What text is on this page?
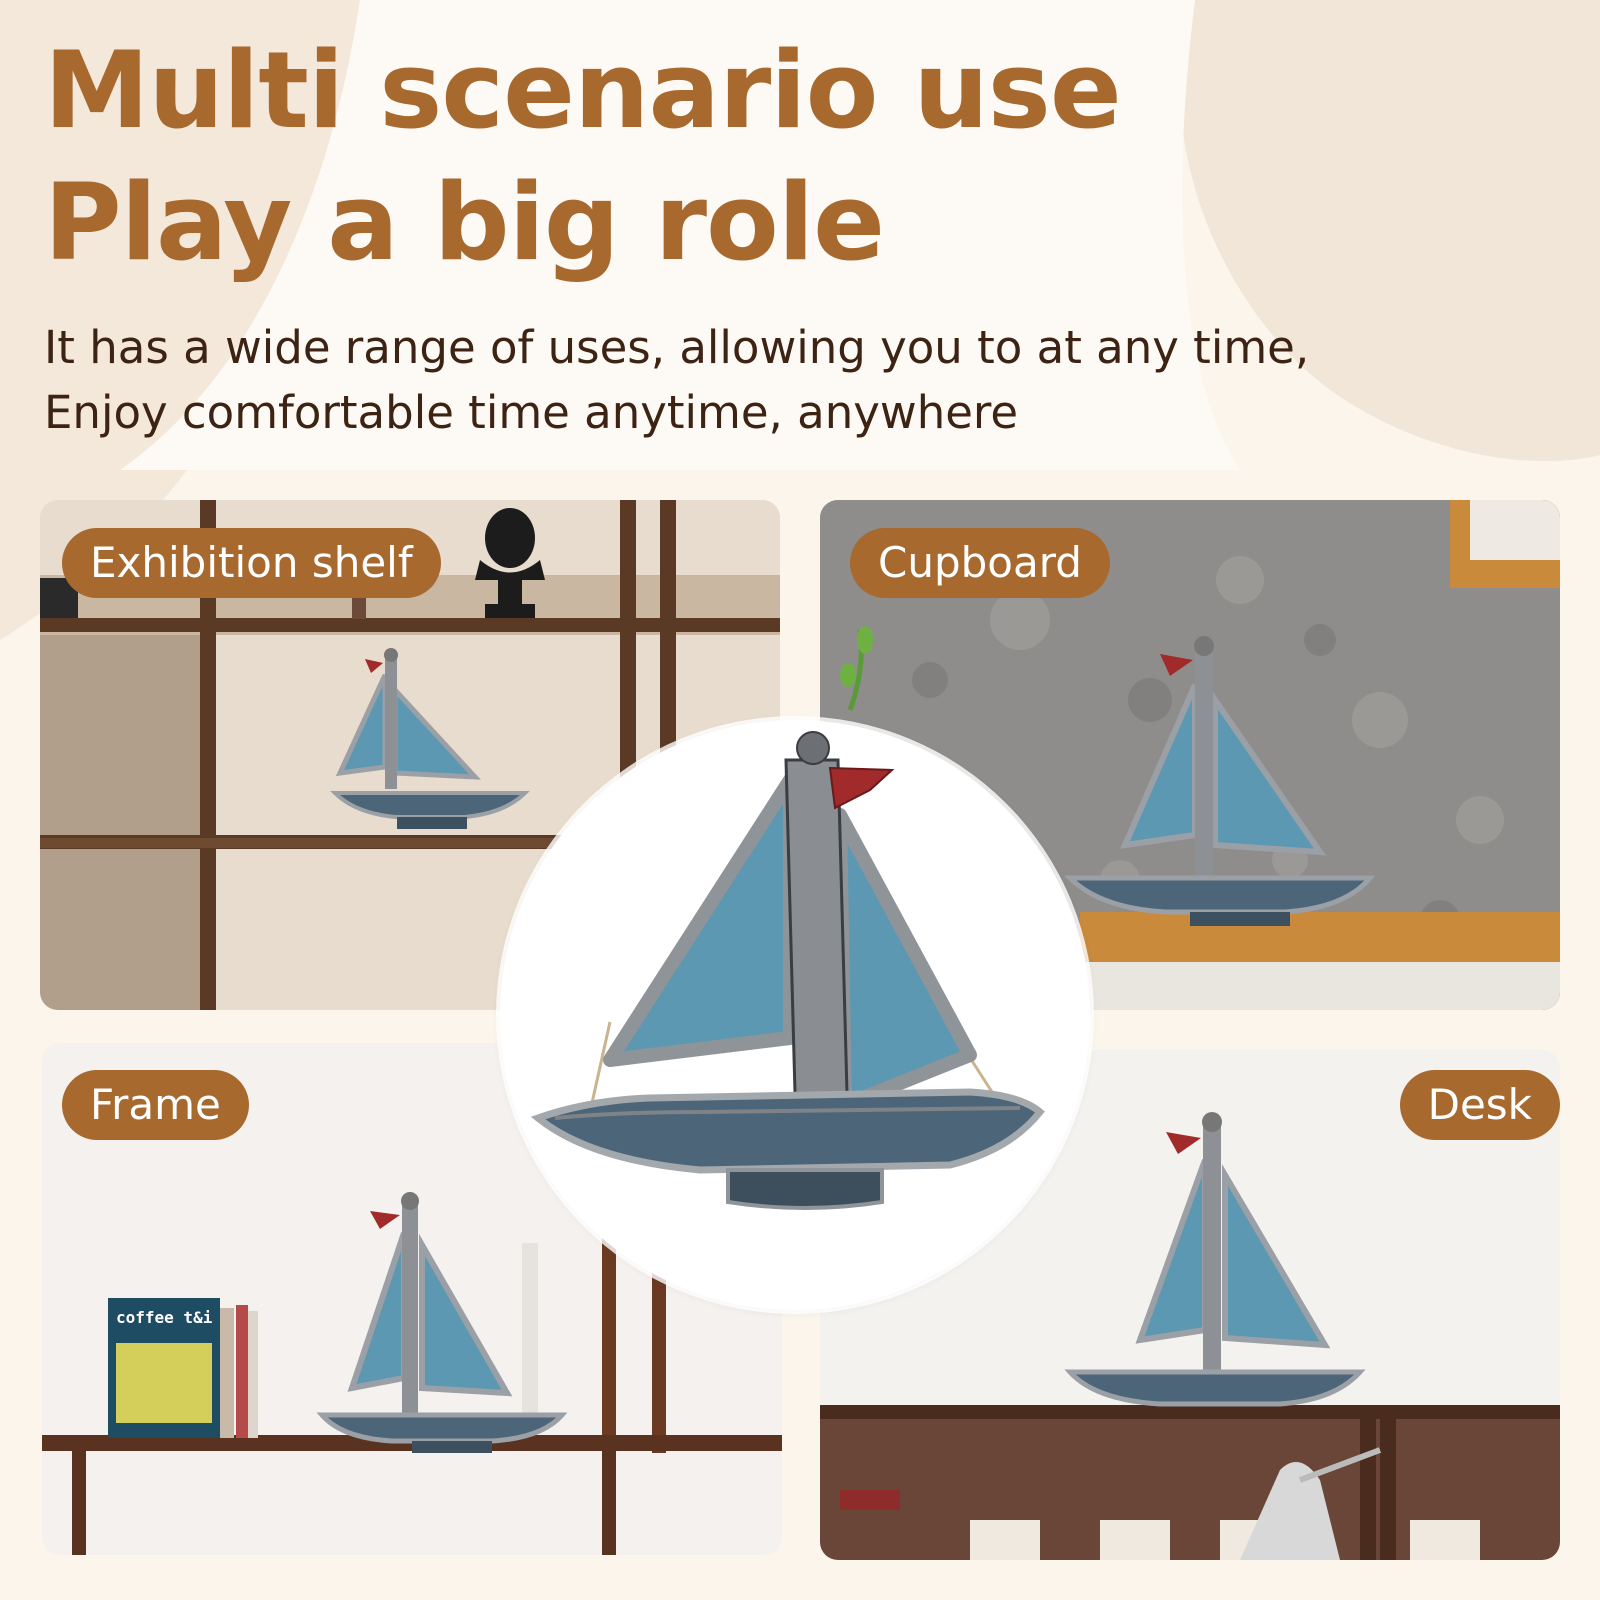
Multi scenario use
Play a big role

It has a wide range of uses, allowing you to at any time,

Enjoy comfortable time anytime, anywhere

Exhibition shelf	Cupboard
coffee t&i
Frame	Desk
